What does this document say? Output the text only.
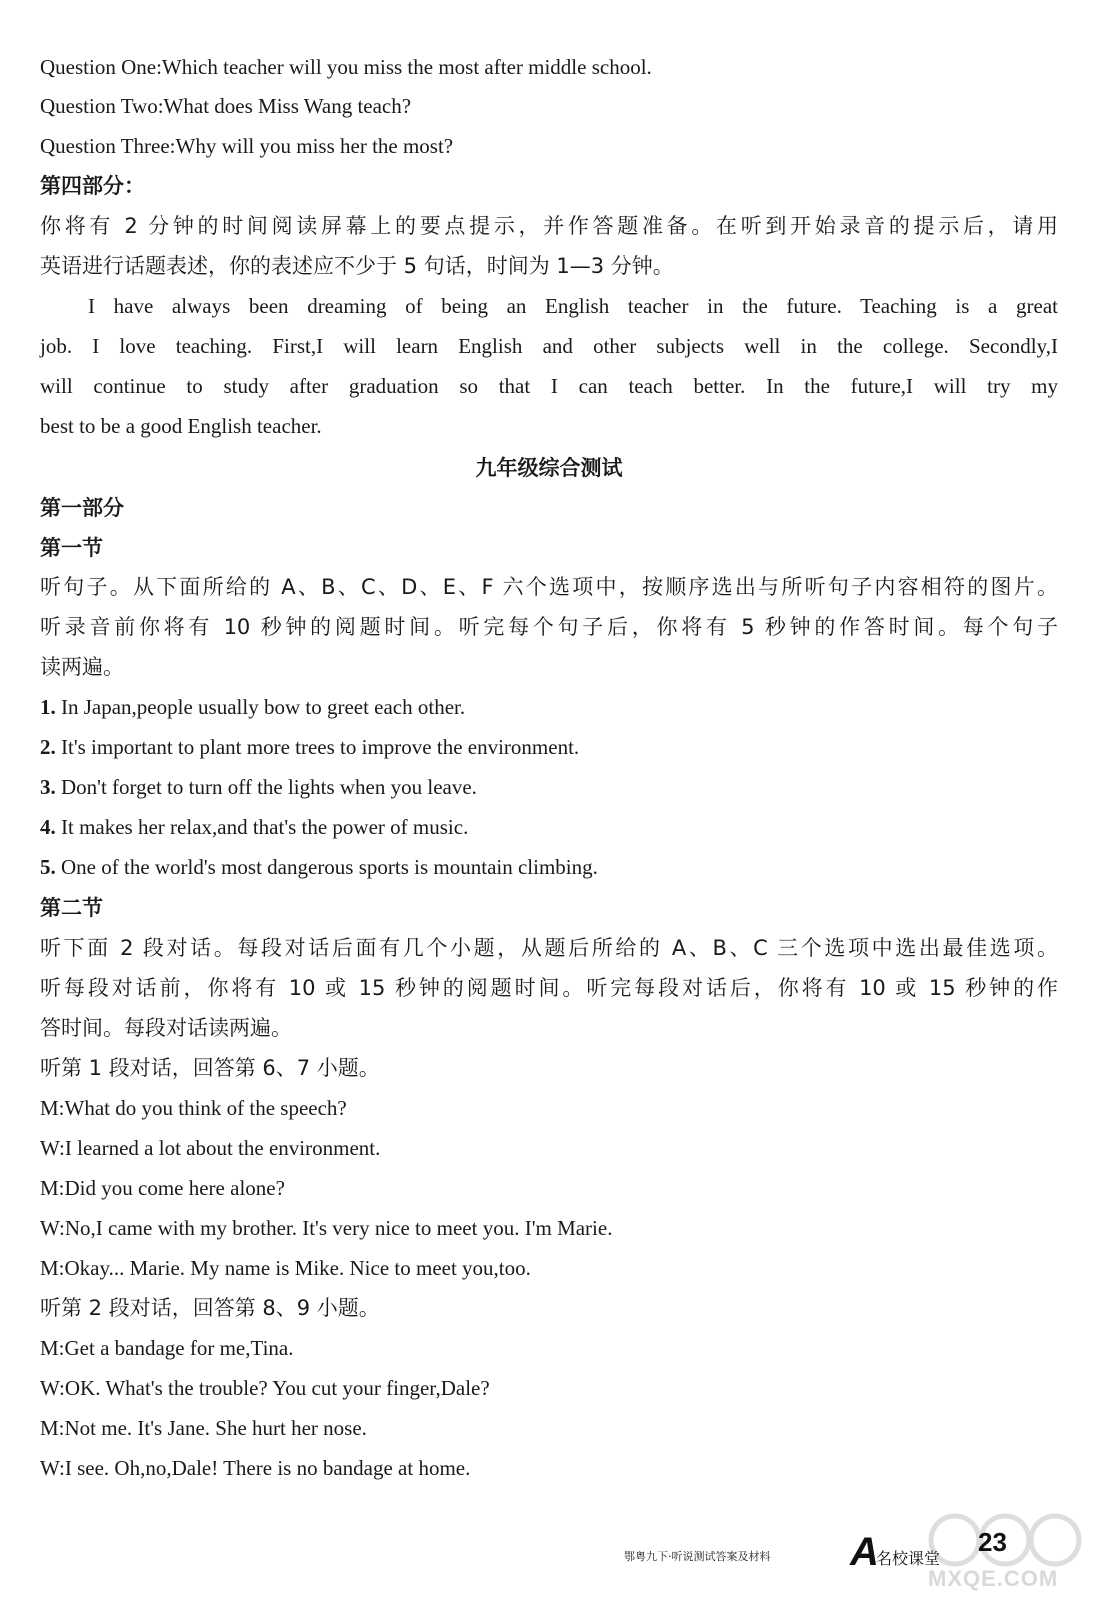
Question One:Which teacher will you miss the most after middle school.
Question Two:What does Miss Wang teach?
Question Three:Why will you miss her the most?
第四部分：
你将有 2 分钟的时间阅读屏幕上的要点提示，并作答题准备。在听到开始录音的提示后，请用
英语进行话题表述，你的表述应不少于 5 句话，时间为 1—3 分钟。
I have always been dreaming of being an English teacher in the future. Teaching is a great
job. I love teaching. First,I will learn English and other subjects well in the college. Secondly,I
will continue to study after graduation so that I can teach better. In the future,I will try my
best to be a good English teacher.
九年级综合测试
第一部分
第一节
听句子。从下面所给的 A、B、C、D、E、F 六个选项中，按顺序选出与所听句子内容相符的图片。
听录音前你将有 10 秒钟的阅题时间。听完每个句子后，你将有 5 秒钟的作答时间。每个句子
读两遍。
1. In Japan,people usually bow to greet each other.
2. It's important to plant more trees to improve the environment.
3. Don't forget to turn off the lights when you leave.
4. It makes her relax,and that's the power of music.
5. One of the world's most dangerous sports is mountain climbing.
第二节
听下面 2 段对话。每段对话后面有几个小题，从题后所给的 A、B、C 三个选项中选出最佳选项。
听每段对话前，你将有 10 或 15 秒钟的阅题时间。听完每段对话后，你将有 10 或 15 秒钟的作
答时间。每段对话读两遍。
听第 1 段对话，回答第 6、7 小题。
M:What do you think of the speech?
W:I learned a lot about the environment.
M:Did you come here alone?
W:No,I came with my brother. It's very nice to meet you. I'm Marie.
M:Okay... Marie. My name is Mike. Nice to meet you,too.
听第 2 段对话，回答第 8、9 小题。
M:Get a bandage for me,Tina.
W:OK. What's the trouble? You cut your finger,Dale?
M:Not me. It's Jane. She hurt her nose.
W:I see. Oh,no,Dale! There is no bandage at home.
鄂粤九下·听说测试答案及材料 A
名校课堂
MXQE.COM
23
